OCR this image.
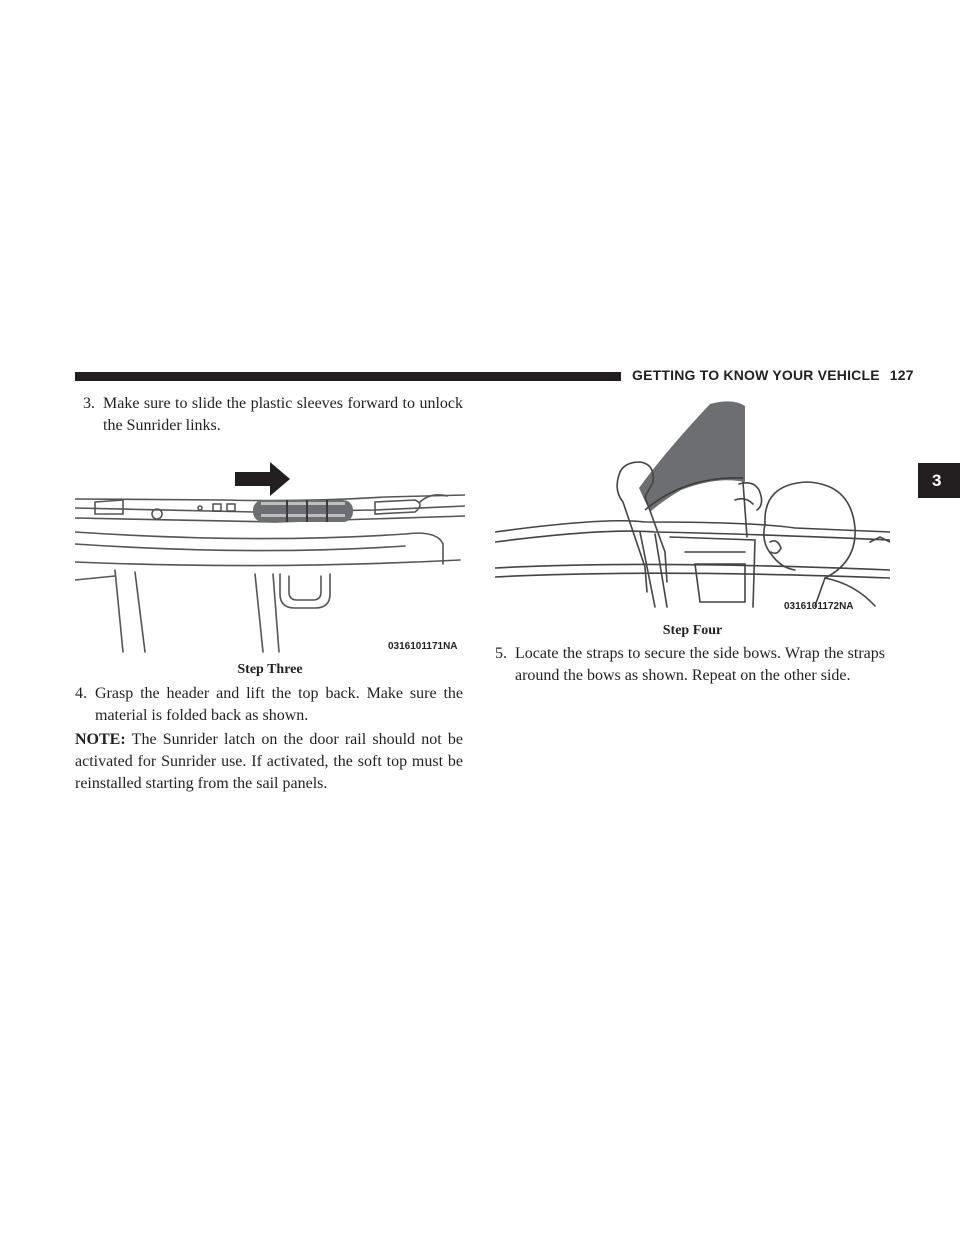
GETTING TO KNOW YOUR VEHICLE 127
3
3. Make sure to slide the plastic sleeves forward to unlock the Sunrider links.
0316101171NA
Step Three
4. Grasp the header and lift the top back. Make sure the material is folded back as shown.
NOTE: The Sunrider latch on the door rail should not be activated for Sunrider use. If activated, the soft top must be reinstalled starting from the sail panels.
0316101172NA
Step Four
5. Locate the straps to secure the side bows. Wrap the straps around the bows as shown. Repeat on the other side.
